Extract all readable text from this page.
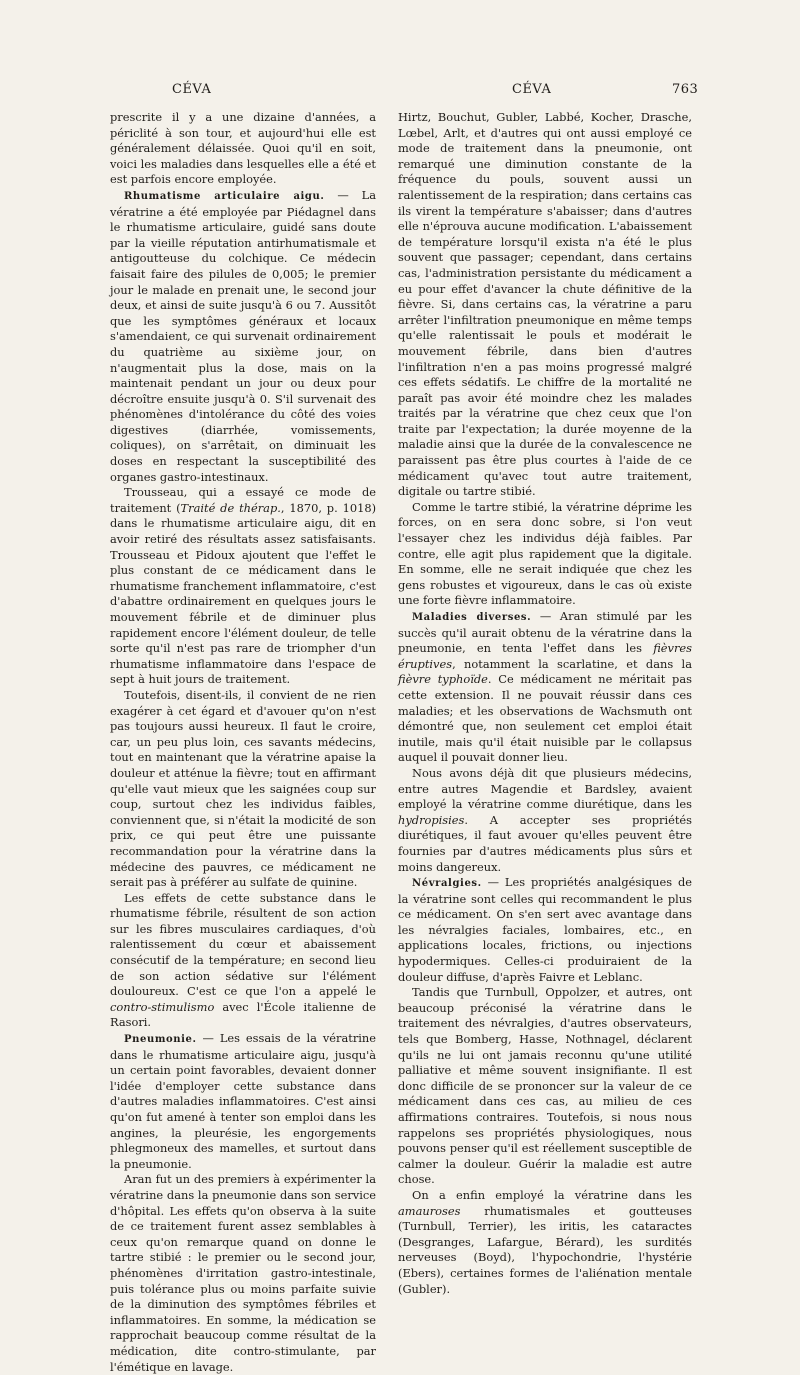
CÉVA	CÉVA	763

prescrite il y a une dizaine d'années, a périclité à son tour, et aujourd'hui elle est généralement délaissée. Quoi qu'il en soit, voici les maladies dans lesquelles elle a été et est parfois encore employée.

Rhumatisme articulaire aigu. — La vératrine a été employée par Piédagnel dans le rhumatisme articulaire, guidé sans doute par la vieille réputation antirhumatismale et antigoutteuse du colchique. Ce médecin faisait faire des pilules de 0,005; le premier jour le malade en prenait une, le second jour deux, et ainsi de suite jusqu'à 6 ou 7. Aussitôt que les symptômes généraux et locaux s'amendaient, ce qui survenait ordinairement du quatrième au sixième jour, on n'augmentait plus la dose, mais on la maintenait pendant un jour ou deux pour décroître ensuite jusqu'à 0. S'il survenait des phénomènes d'intolérance du côté des voies digestives (diarrhée, vomissements, coliques), on s'arrêtait, on diminuait les doses en respectant la susceptibilité des organes gastro-intestinaux.

Trousseau, qui a essayé ce mode de traitement (Traité de thérap., 1870, p. 1018) dans le rhumatisme articulaire aigu, dit en avoir retiré des résultats assez satisfaisants. Trousseau et Pidoux ajoutent que l'effet le plus constant de ce médicament dans le rhumatisme franchement inflammatoire, c'est d'abattre ordinairement en quelques jours le mouvement fébrile et de diminuer plus rapidement encore l'élément douleur, de telle sorte qu'il n'est pas rare de triompher d'un rhumatisme inflammatoire dans l'espace de sept à huit jours de traitement.

Toutefois, disent-ils, il convient de ne rien exagérer à cet égard et d'avouer qu'on n'est pas toujours aussi heureux. Il faut le croire, car, un peu plus loin, ces savants médecins, tout en maintenant que la vératrine apaise la douleur et atténue la fièvre; tout en affirmant qu'elle vaut mieux que les saignées coup sur coup, surtout chez les individus faibles, conviennent que, si n'était la modicité de son prix, ce qui peut être une puissante recommandation pour la vératrine dans la médecine des pauvres, ce médicament ne serait pas à préférer au sulfate de quinine.

Les effets de cette substance dans le rhumatisme fébrile, résultent de son action sur les fibres musculaires cardiaques, d'où ralentissement du cœur et abaissement consécutif de la température; en second lieu de son action sédative sur l'élément douloureux. C'est ce que l'on a appelé le contro-stimulismo avec l'École italienne de Rasori.

Pneumonie. — Les essais de la vératrine dans le rhumatisme articulaire aigu, jusqu'à un certain point favorables, devaient donner l'idée d'employer cette substance dans d'autres maladies inflammatoires. C'est ainsi qu'on fut amené à tenter son emploi dans les angines, la pleurésie, les engorgements phlegmoneux des mamelles, et surtout dans la pneumonie.

Aran fut un des premiers à expérimenter la vératrine dans la pneumonie dans son service d'hôpital. Les effets qu'on observa à la suite de ce traitement furent assez semblables à ceux qu'on remarque quand on donne le tartre stibié : le premier ou le second jour, phénomènes d'irritation gastro-intestinale, puis tolérance plus ou moins parfaite suivie de la diminution des symptômes fébriles et inflammatoires. En somme, la médication se rapprochait beaucoup comme résultat de la médication, dite contro-stimulante, par l'émétique en lavage.

Hirtz, Bouchut, Gubler, Labbé, Kocher, Drasche, Lœbel, Arlt, et d'autres qui ont aussi employé ce mode de traitement dans la pneumonie, ont remarqué une diminution constante de la fréquence du pouls, souvent aussi un ralentissement de la respiration; dans certains cas ils virent la température s'abaisser; dans d'autres elle n'éprouva aucune modification. L'abaissement de température lorsqu'il exista n'a été le plus souvent que passager; cependant, dans certains cas, l'administration persistante du médicament a eu pour effet d'avancer la chute définitive de la fièvre. Si, dans certains cas, la vératrine a paru arrêter l'infiltration pneumonique en même temps qu'elle ralentissait le pouls et modérait le mouvement fébrile, dans bien d'autres l'infiltration n'en a pas moins progressé malgré ces effets sédatifs. Le chiffre de la mortalité ne paraît pas avoir été moindre chez les malades traités par la vératrine que chez ceux que l'on traite par l'expectation; la durée moyenne de la maladie ainsi que la durée de la convalescence ne paraissent pas être plus courtes à l'aide de ce médicament qu'avec tout autre traitement, digitale ou tartre stibié.

Comme le tartre stibié, la vératrine déprime les forces, on en sera donc sobre, si l'on veut l'essayer chez les individus déjà faibles. Par contre, elle agit plus rapidement que la digitale. En somme, elle ne serait indiquée que chez les gens robustes et vigoureux, dans le cas où existe une forte fièvre inflammatoire.

Maladies diverses. — Aran stimulé par les succès qu'il aurait obtenu de la vératrine dans la pneumonie, en tenta l'effet dans les fièvres éruptives, notamment la scarlatine, et dans la fièvre typhoïde. Ce médicament ne méritait pas cette extension. Il ne pouvait réussir dans ces maladies; et les observations de Wachsmuth ont démontré que, non seulement cet emploi était inutile, mais qu'il était nuisible par le collapsus auquel il pouvait donner lieu.

Nous avons déjà dit que plusieurs médecins, entre autres Magendie et Bardsley, avaient employé la vératrine comme diurétique, dans les hydropisies. A accepter ses propriétés diurétiques, il faut avouer qu'elles peuvent être fournies par d'autres médicaments plus sûrs et moins dangereux.

Névralgies. — Les propriétés analgésiques de la vératrine sont celles qui recommandent le plus ce médicament. On s'en sert avec avantage dans les névralgies faciales, lombaires, etc., en applications locales, frictions, ou injections hypodermiques. Celles-ci produiraient de la douleur diffuse, d'après Faivre et Leblanc.

Tandis que Turnbull, Oppolzer, et autres, ont beaucoup préconisé la vératrine dans le traitement des névralgies, d'autres observateurs, tels que Bomberg, Hasse, Nothnagel, déclarent qu'ils ne lui ont jamais reconnu qu'une utilité palliative et même souvent insignifiante. Il est donc difficile de se prononcer sur la valeur de ce médicament dans ces cas, au milieu de ces affirmations contraires. Toutefois, si nous nous rappelons ses propriétés physiologiques, nous pouvons penser qu'il est réellement susceptible de calmer la douleur. Guérir la maladie est autre chose.

On a enfin employé la vératrine dans les amauroses rhumatismales et goutteuses (Turnbull, Terrier), les iritis, les cataractes (Desgranges, Lafargue, Bérard), les surdités nerveuses (Boyd), l'hypochondrie, l'hystérie (Ebers), certaines formes de l'aliénation mentale (Gubler).
